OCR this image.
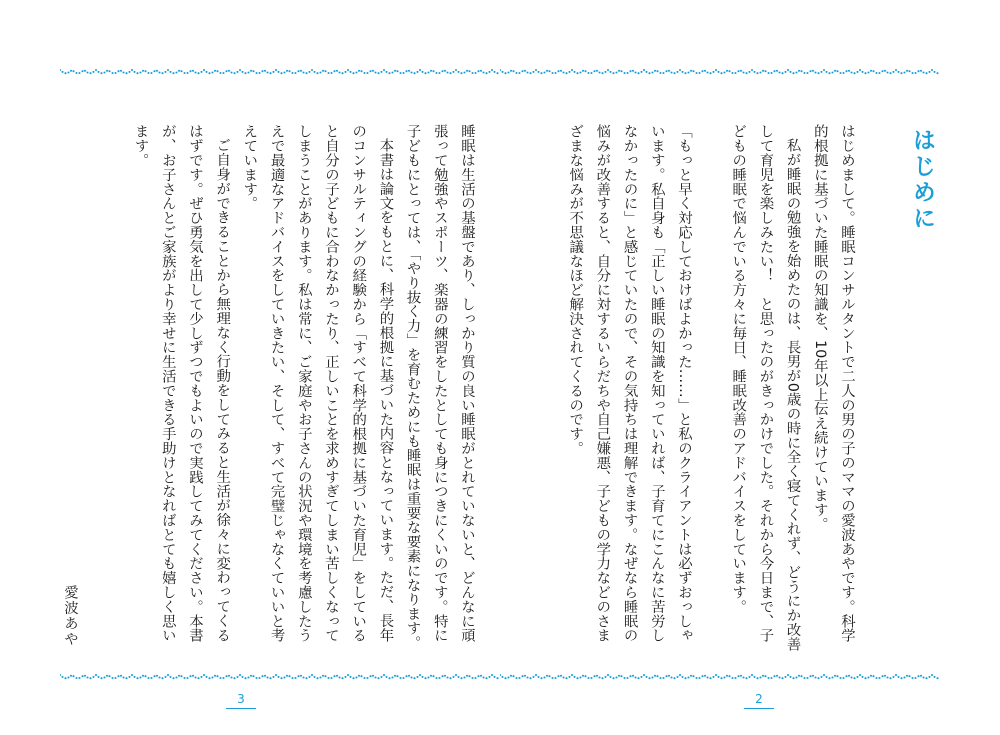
はじめに

はじめまして。睡眠コンサルタントで二人の男の子のママの愛波あやです。科学的根拠に基づいた睡眠の知識を、10年以上伝え続けています。

私が睡眠の勉強を始めたのは、長男が0歳の時に全く寝てくれず、どうにか改善して育児を楽しみたい！　と思ったのがきっかけでした。それから今日まで、子どもの睡眠で悩んでいる方々に毎日、睡眠改善のアドバイスをしています。

「もっと早く対応しておけばよかった……」と私のクライアントは必ずおっしゃいます。私自身も「正しい睡眠の知識を知っていれば、子育てにこんなに苦労しなかったのに」と感じていたので、その気持ちは理解できます。なぜなら睡眠の悩みが改善すると、自分に対するいらだちや自己嫌悪、子どもの学力などのさまざまな悩みが不思議なほど解決されてくるのです。

睡眠は生活の基盤であり、しっかり質の良い睡眠がとれていないと、どんなに頑張って勉強やスポーツ、楽器の練習をしたとしても身につきにくいのです。特に子どもにとっては、「やり抜く力」を育むためにも睡眠は重要な要素になります。

本書は論文をもとに、科学的根拠に基づいた内容となっています。ただ、長年のコンサルティングの経験から「すべて科学的根拠に基づいた育児」をしていると自分の子どもに合わなかったり、正しいことを求めすぎてしまい苦しくなってしまうことがあります。私は常に、ご家庭やお子さんの状況や環境を考慮したうえで最適なアドバイスをしていきたい、そして、すべて完璧じゃなくていいと考えています。

ご自身ができることから無理なく行動をしてみると生活が徐々に変わってくるはずです。ぜひ勇気を出して少しずつでもよいので実践してみてください。本書が、お子さんとご家族がより幸せに生活できる手助けとなればとても嬉しく思います。

愛波あや
3	2
